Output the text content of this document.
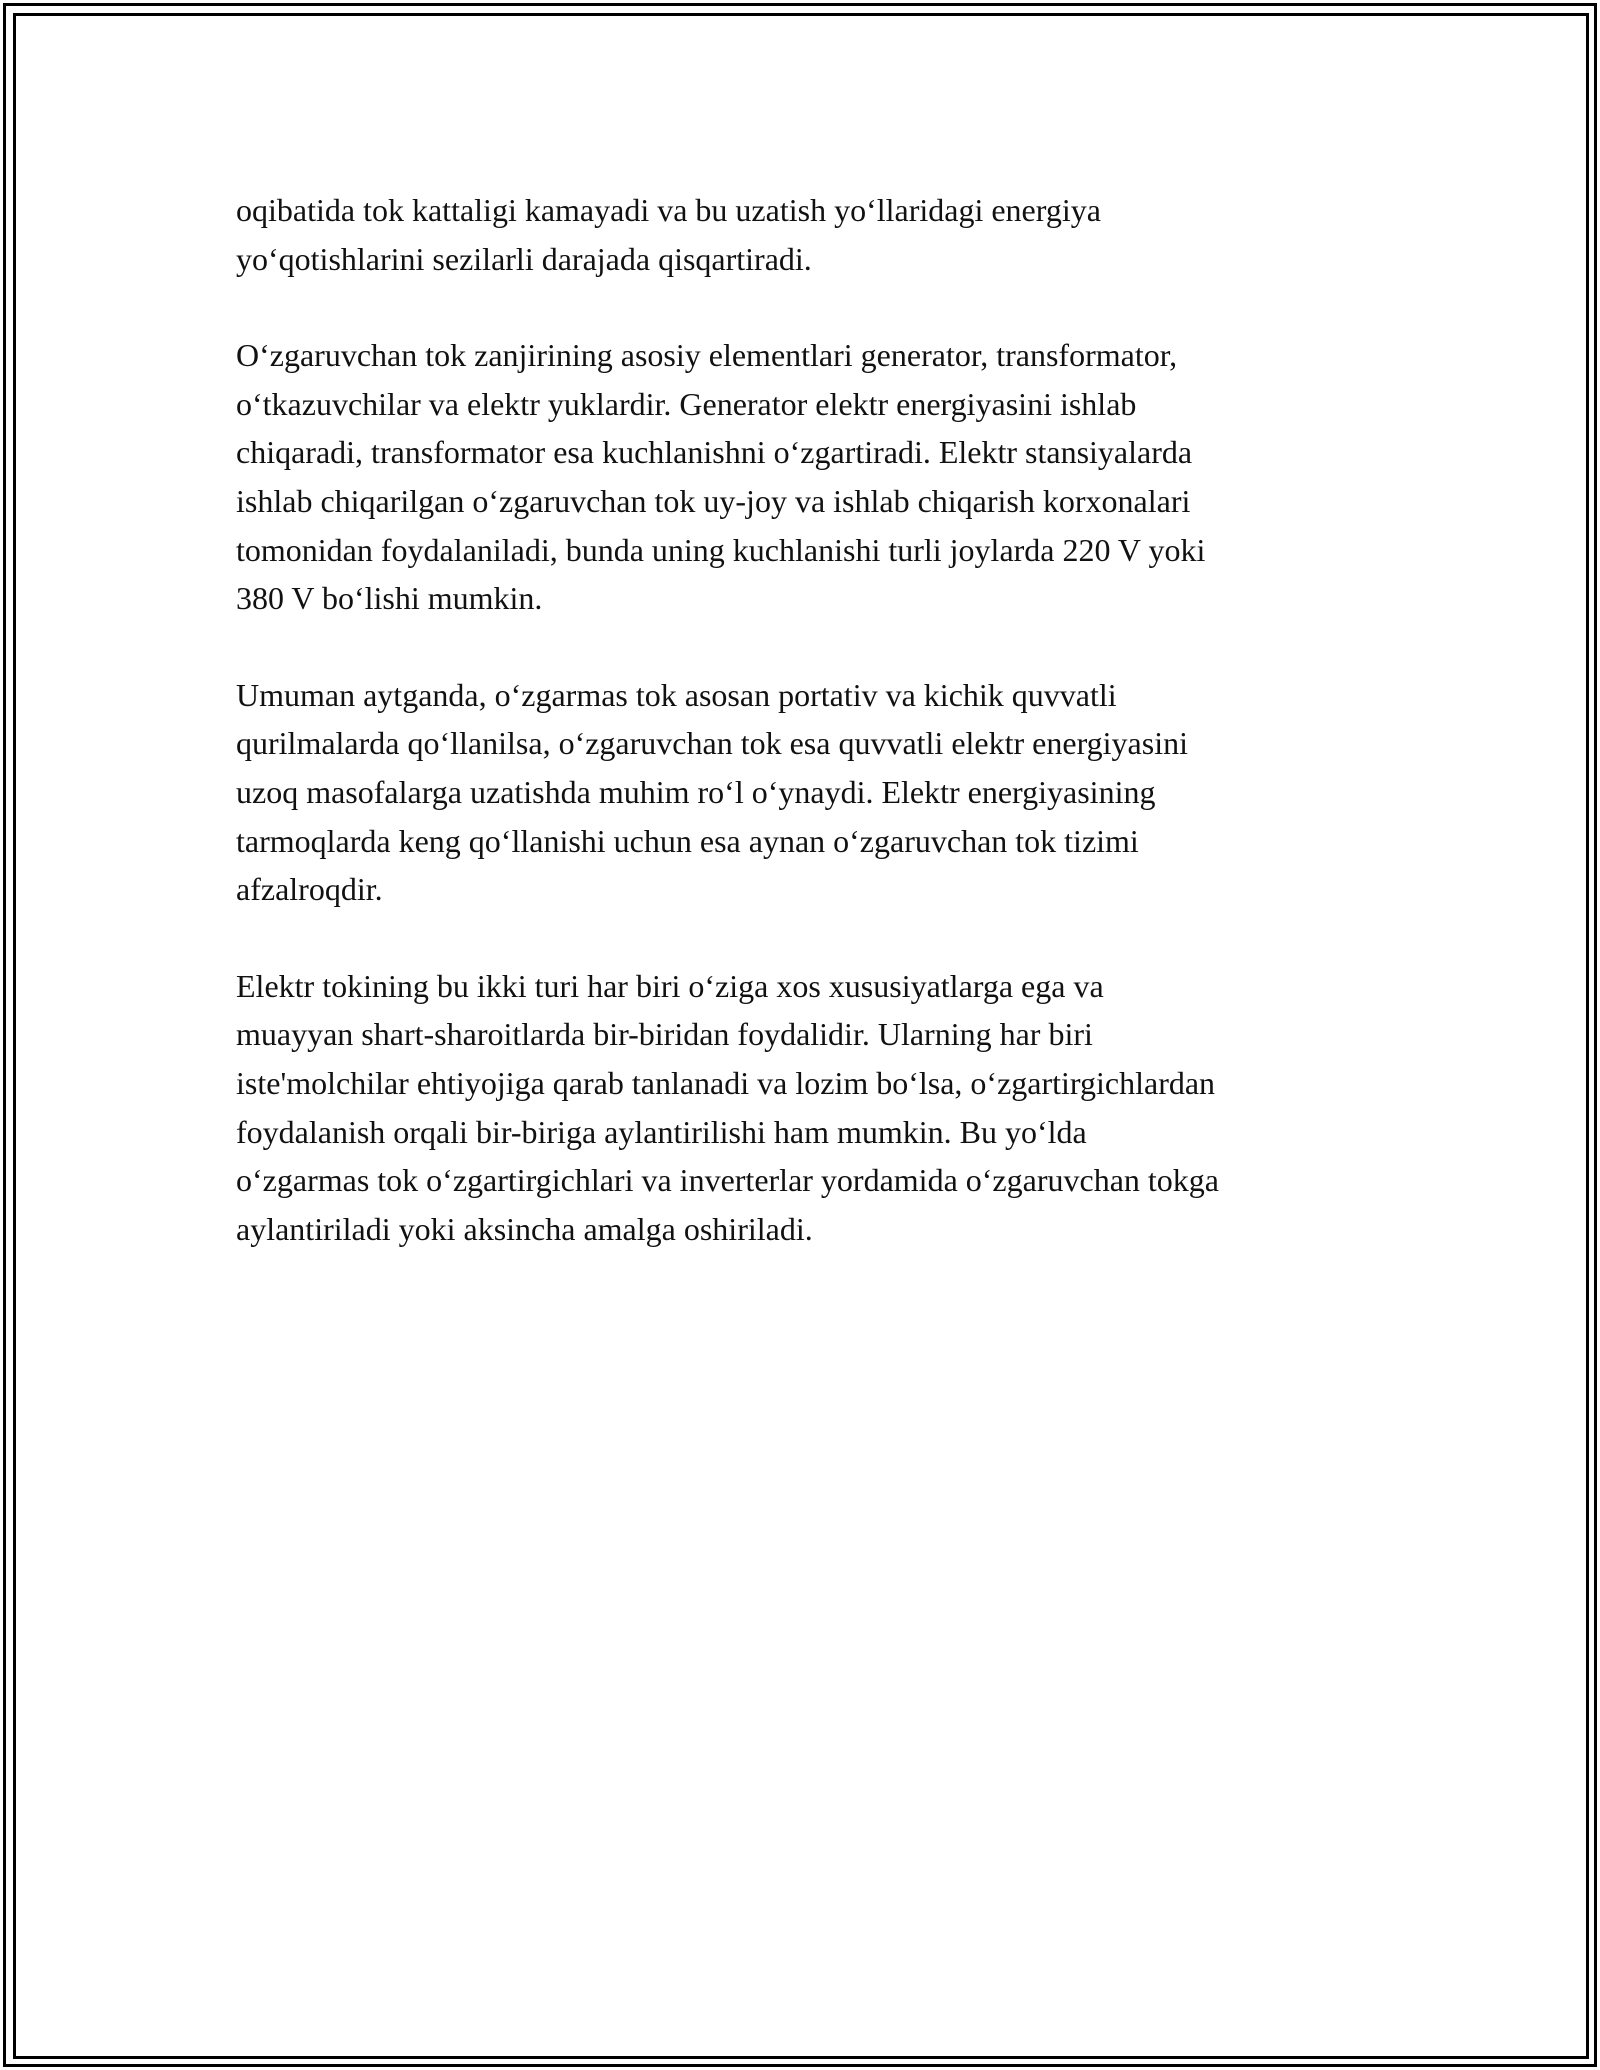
oqibatida tok kattaligi kamayadi va bu uzatish yo‘llaridagi energiya
yo‘qotishlarini sezilarli darajada qisqartiradi.

O‘zgaruvchan tok zanjirining asosiy elementlari generator, transformator,
o‘tkazuvchilar va elektr yuklardir. Generator elektr energiyasini ishlab
chiqaradi, transformator esa kuchlanishni o‘zgartiradi. Elektr stansiyalarda
ishlab chiqarilgan o‘zgaruvchan tok uy-joy va ishlab chiqarish korxonalari
tomonidan foydalaniladi, bunda uning kuchlanishi turli joylarda 220 V yoki
380 V bo‘lishi mumkin.

Umuman aytganda, o‘zgarmas tok asosan portativ va kichik quvvatli
qurilmalarda qo‘llanilsa, o‘zgaruvchan tok esa quvvatli elektr energiyasini
uzoq masofalarga uzatishda muhim ro‘l o‘ynaydi. Elektr energiyasining
tarmoqlarda keng qo‘llanishi uchun esa aynan o‘zgaruvchan tok tizimi
afzalroqdir.

Elektr tokining bu ikki turi har biri o‘ziga xos xususiyatlarga ega va
muayyan shart-sharoitlarda bir-biridan foydalidir. Ularning har biri
iste'molchilar ehtiyojiga qarab tanlanadi va lozim bo‘lsa, o‘zgartirgichlardan
foydalanish orqali bir-biriga aylantirilishi ham mumkin. Bu yo‘lda
o‘zgarmas tok o‘zgartirgichlari va inverterlar yordamida o‘zgaruvchan tokga
aylantiriladi yoki aksincha amalga oshiriladi.
